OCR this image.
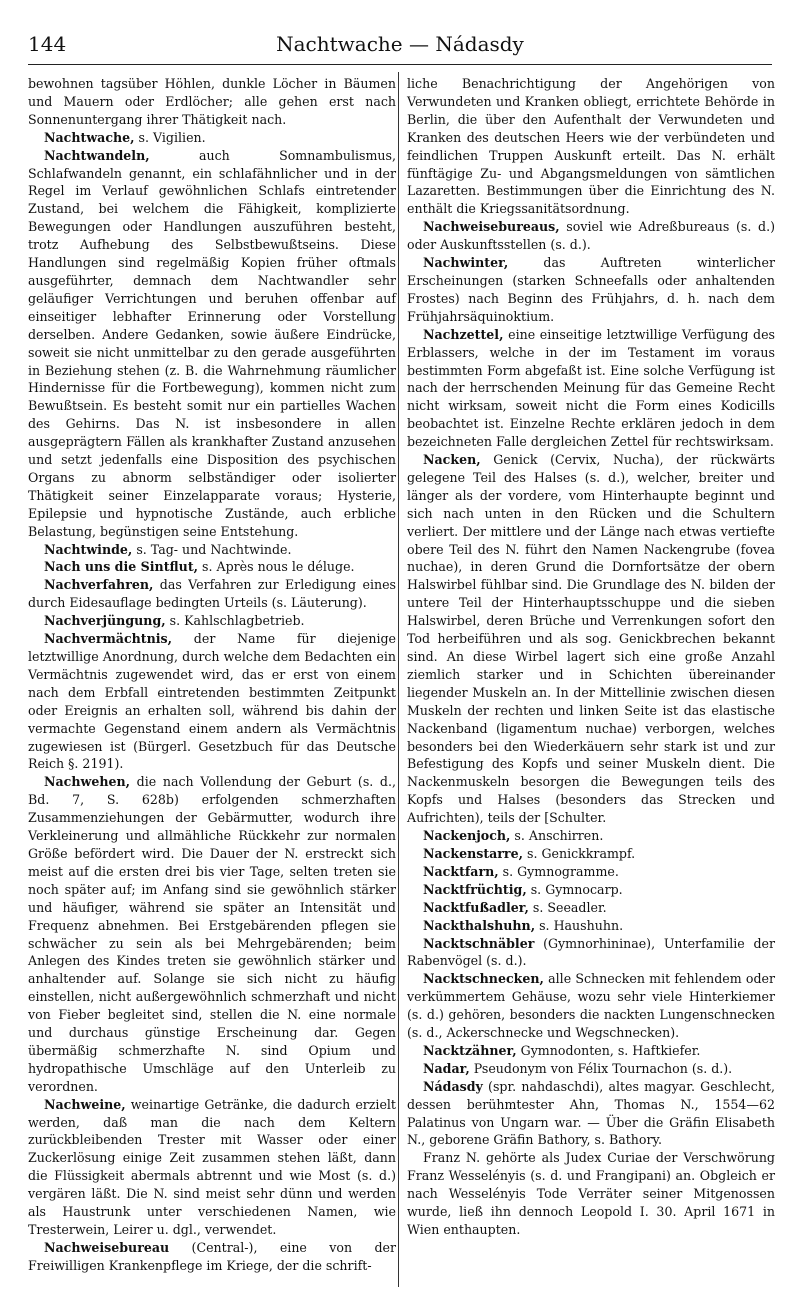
Nachtwache — Nádasdy
144

bewohnen tagsüber Höhlen, dunkle Löcher in Bäumen und Mauern oder Erdlöcher; alle gehen erst nach Sonnenuntergang ihrer Thätigkeit nach.

Nachtwache, s. Vigilien.

Nachtwandeln, auch Somnambulismus, Schlafwandeln genannt, ein schlafähnlicher und in der Regel im Verlauf gewöhnlichen Schlafs eintretender Zustand, bei welchem die Fähigkeit, komplizierte Bewegungen oder Handlungen auszuführen besteht, trotz Aufhebung des Selbstbewußtseins. Diese Handlungen sind regelmäßig Kopien früher oftmals ausgeführter, demnach dem Nachtwandler sehr geläufiger Verrichtungen und beruhen offenbar auf einseitiger lebhafter Erinnerung oder Vorstellung derselben. Andere Gedanken, sowie äußere Eindrücke, soweit sie nicht unmittelbar zu den gerade ausgeführten in Beziehung stehen (z. B. die Wahrnehmung räumlicher Hindernisse für die Fortbewegung), kommen nicht zum Bewußtsein. Es besteht somit nur ein partielles Wachen des Gehirns. Das N. ist insbesondere in allen ausgeprägtern Fällen als krankhafter Zustand anzusehen und setzt jedenfalls eine Disposition des psychischen Organs zu abnorm selbständiger oder isolierter Thätigkeit seiner Einzelapparate voraus; Hysterie, Epilepsie und hypnotische Zustände, auch erbliche Belastung, begünstigen seine Entstehung.

Nachtwinde, s. Tag- und Nachtwinde.

Nach uns die Sintflut, s. Après nous le déluge.

Nachverfahren, das Verfahren zur Erledigung eines durch Eidesauflage bedingten Urteils (s. Läuterung).

Nachverjüngung, s. Kahlschlagbetrieb.

Nachvermächtnis, der Name für diejenige letztwillige Anordnung, durch welche dem Bedachten ein Vermächtnis zugewendet wird, das er erst von einem nach dem Erbfall eintretenden bestimmten Zeitpunkt oder Ereignis an erhalten soll, während bis dahin der vermachte Gegenstand einem andern als Vermächtnis zugewiesen ist (Bürgerl. Gesetzbuch für das Deutsche Reich §. 2191).

Nachwehen, die nach Vollendung der Geburt (s. d., Bd. 7, S. 628b) erfolgenden schmerzhaften Zusammenziehungen der Gebärmutter, wodurch ihre Verkleinerung und allmähliche Rückkehr zur normalen Größe befördert wird. Die Dauer der N. erstreckt sich meist auf die ersten drei bis vier Tage, selten treten sie noch später auf; im Anfang sind sie gewöhnlich stärker und häufiger, während sie später an Intensität und Frequenz abnehmen. Bei Erstgebärenden pflegen sie schwächer zu sein als bei Mehrgebärenden; beim Anlegen des Kindes treten sie gewöhnlich stärker und anhaltender auf. Solange sie sich nicht zu häufig einstellen, nicht außergewöhnlich schmerzhaft und nicht von Fieber begleitet sind, stellen die N. eine normale und durchaus günstige Erscheinung dar. Gegen übermäßig schmerzhafte N. sind Opium und hydropathische Umschläge auf den Unterleib zu verordnen.

Nachweine, weinartige Getränke, die dadurch erzielt werden, daß man die nach dem Keltern zurückbleibenden Trester mit Wasser oder einer Zuckerlösung einige Zeit zusammen stehen läßt, dann die Flüssigkeit abermals abtrennt und wie Most (s. d.) vergären läßt. Die N. sind meist sehr dünn und werden als Haustrunk unter verschiedenen Namen, wie Tresterwein, Leirer u. dgl., verwendet.

Nachweisebureau (Central-), eine von der Freiwilligen Krankenpflege im Kriege, der die schrift-

liche Benachrichtigung der Angehörigen von Verwundeten und Kranken obliegt, errichtete Behörde in Berlin, die über den Aufenthalt der Verwundeten und Kranken des deutschen Heers wie der verbündeten und feindlichen Truppen Auskunft erteilt. Das N. erhält fünftägige Zu- und Abgangsmeldungen von sämtlichen Lazaretten. Bestimmungen über die Einrichtung des N. enthält die Kriegssanitätsordnung.

Nachweisebureaus, soviel wie Adreßbureaus (s. d.) oder Auskunftsstellen (s. d.).

Nachwinter, das Auftreten winterlicher Erscheinungen (starken Schneefalls oder anhaltenden Frostes) nach Beginn des Frühjahrs, d. h. nach dem Frühjahrsäquinoktium.

Nachzettel, eine einseitige letztwillige Verfügung des Erblassers, welche in der im Testament im voraus bestimmten Form abgefaßt ist. Eine solche Verfügung ist nach der herrschenden Meinung für das Gemeine Recht nicht wirksam, soweit nicht die Form eines Kodicills beobachtet ist. Einzelne Rechte erklären jedoch in dem bezeichneten Falle dergleichen Zettel für rechtswirksam.

Nacken, Genick (Cervix, Nucha), der rückwärts gelegene Teil des Halses (s. d.), welcher, breiter und länger als der vordere, vom Hinterhaupte beginnt und sich nach unten in den Rücken und die Schultern verliert. Der mittlere und der Länge nach etwas vertiefte obere Teil des N. führt den Namen Nackengrube (fovea nuchae), in deren Grund die Dornfortsätze der obern Halswirbel fühlbar sind. Die Grundlage des N. bilden der untere Teil der Hinterhauptsschuppe und die sieben Halswirbel, deren Brüche und Verrenkungen sofort den Tod herbeiführen und als sog. Genickbrechen bekannt sind. An diese Wirbel lagert sich eine große Anzahl ziemlich starker und in Schichten übereinander liegender Muskeln an. In der Mittellinie zwischen diesen Muskeln der rechten und linken Seite ist das elastische Nackenband (ligamentum nuchae) verborgen, welches besonders bei den Wiederkäuern sehr stark ist und zur Befestigung des Kopfs und seiner Muskeln dient. Die Nackenmuskeln besorgen die Bewegungen teils des Kopfs und Halses (besonders das Strecken und Aufrichten), teils der [Schulter.

Nackenjoch, s. Anschirren.

Nackenstarre, s. Genickkrampf.

Nacktfarn, s. Gymnogramme.

Nacktfrüchtig, s. Gymnocarp.

Nacktfußadler, s. Seeadler.

Nackthalshuhn, s. Haushuhn.

Nacktschnäbler (Gymnorhininae), Unterfamilie der Rabenvögel (s. d.).

Nacktschnecken, alle Schnecken mit fehlendem oder verkümmertem Gehäuse, wozu sehr viele Hinterkiemer (s. d.) gehören, besonders die nackten Lungenschnecken (s. d., Ackerschnecke und Wegschnecken).

Nacktzähner, Gymnodonten, s. Haftkiefer.

Nadar, Pseudonym von Félix Tournachon (s. d.).

Nádasdy (spr. nahdaschdi), altes magyar. Geschlecht, dessen berühmtester Ahn, Thomas N., 1554—62 Palatinus von Ungarn war. — Über die Gräfin Elisabeth N., geborene Gräfin Bathory, s. Bathory.

Franz N. gehörte als Judex Curiae der Verschwörung Franz Wesselényis (s. d. und Frangipani) an. Obgleich er nach Wesselényis Tode Verräter seiner Mitgenossen wurde, ließ ihn dennoch Leopold I. 30. April 1671 in Wien enthaupten.
